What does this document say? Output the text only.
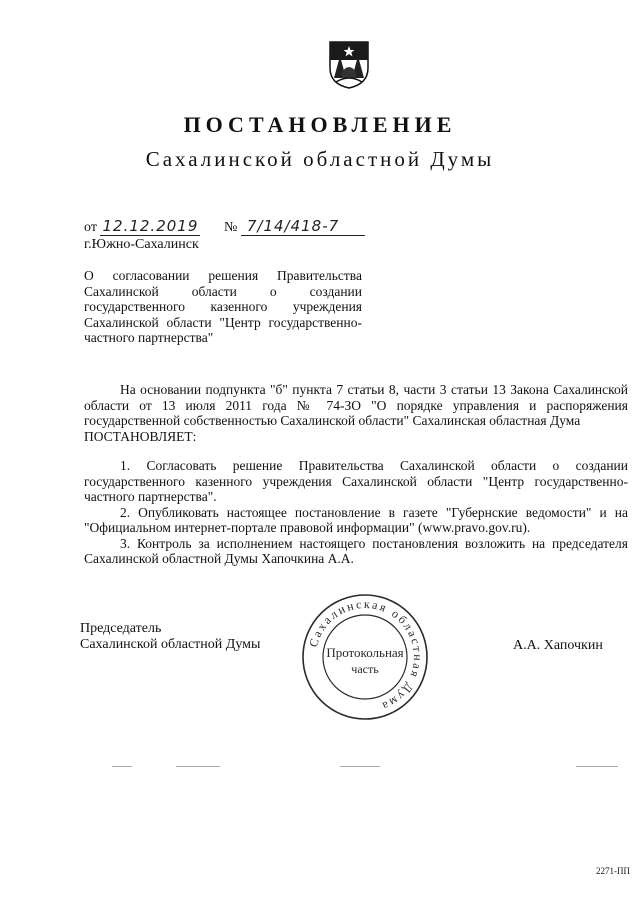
ПОСТАНОВЛЕНИЕ
Сахалинской областной Думы
от 12.12.2019 № 7/14/418-7
г.Южно-Сахалинск
О согласовании решения Правительства Сахалинской области о создании государственного казенного учреждения Сахалинской области "Центр государственно-частного партнерства"

На основании подпункта "б" пункта 7 статьи 8, части 3 статьи 13 Закона Сахалинской области от 13 июля 2011 года № 74-ЗО "О порядке управления и распоряжения государственной собственностью Сахалинской области" Сахалинская областная Дума

ПОСТАНОВЛЯЕТ:

1. Согласовать решение Правительства Сахалинской области о создании государственного казенного учреждения Сахалинской области "Центр государственно-частного партнерства".

2. Опубликовать настоящее постановление в газете "Губернские ведомости" и на "Официальном интернет-портале правовой информации" (www.pravo.gov.ru).

3. Контроль за исполнением настоящего постановления возложить на председателя Сахалинской областной Думы Хапочкина А.А.

Председатель
Сахалинской областной Думы	А.А. Хапочкин
Сахалинская областная Дума
Протокольная
часть
2271-ПП
